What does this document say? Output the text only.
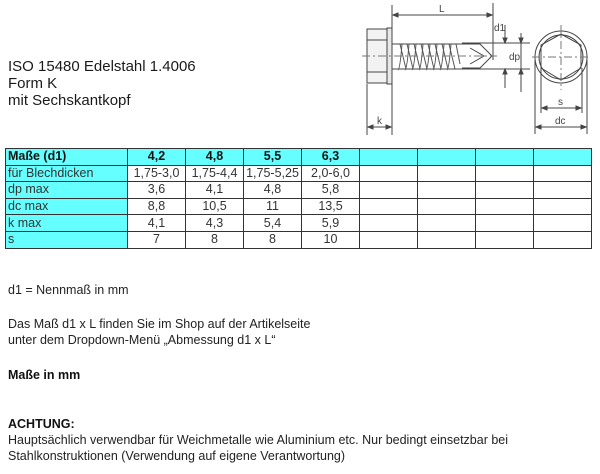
ISO 15480 Edelstahl 1.4006
Form K
mit Sechskantkopf
L
d1
dp
k
s
dc
Maße (d1)	4,2	4,8	5,5	6,3				
für Blechdicken	1,75-3,0	1,75-4,4	1,75-5,25	2,0-6,0				
dp max	3,6	4,1	4,8	5,8				
dc max	8,8	10,5	11	13,5				
k max	4,1	4,3	5,4	5,9				
s	7	8	8	10				
d1 = Nennmaß in mm
Das Maß d1 x L finden Sie im Shop auf der Artikelseite
unter dem Dropdown-Menü „Abmessung d1 x L“
Maße in mm
ACHTUNG:
Hauptsächlich verwendbar für Weichmetalle wie Aluminium etc. Nur bedingt einsetzbar bei
Stahlkonstruktionen (Verwendung auf eigene Verantwortung)
